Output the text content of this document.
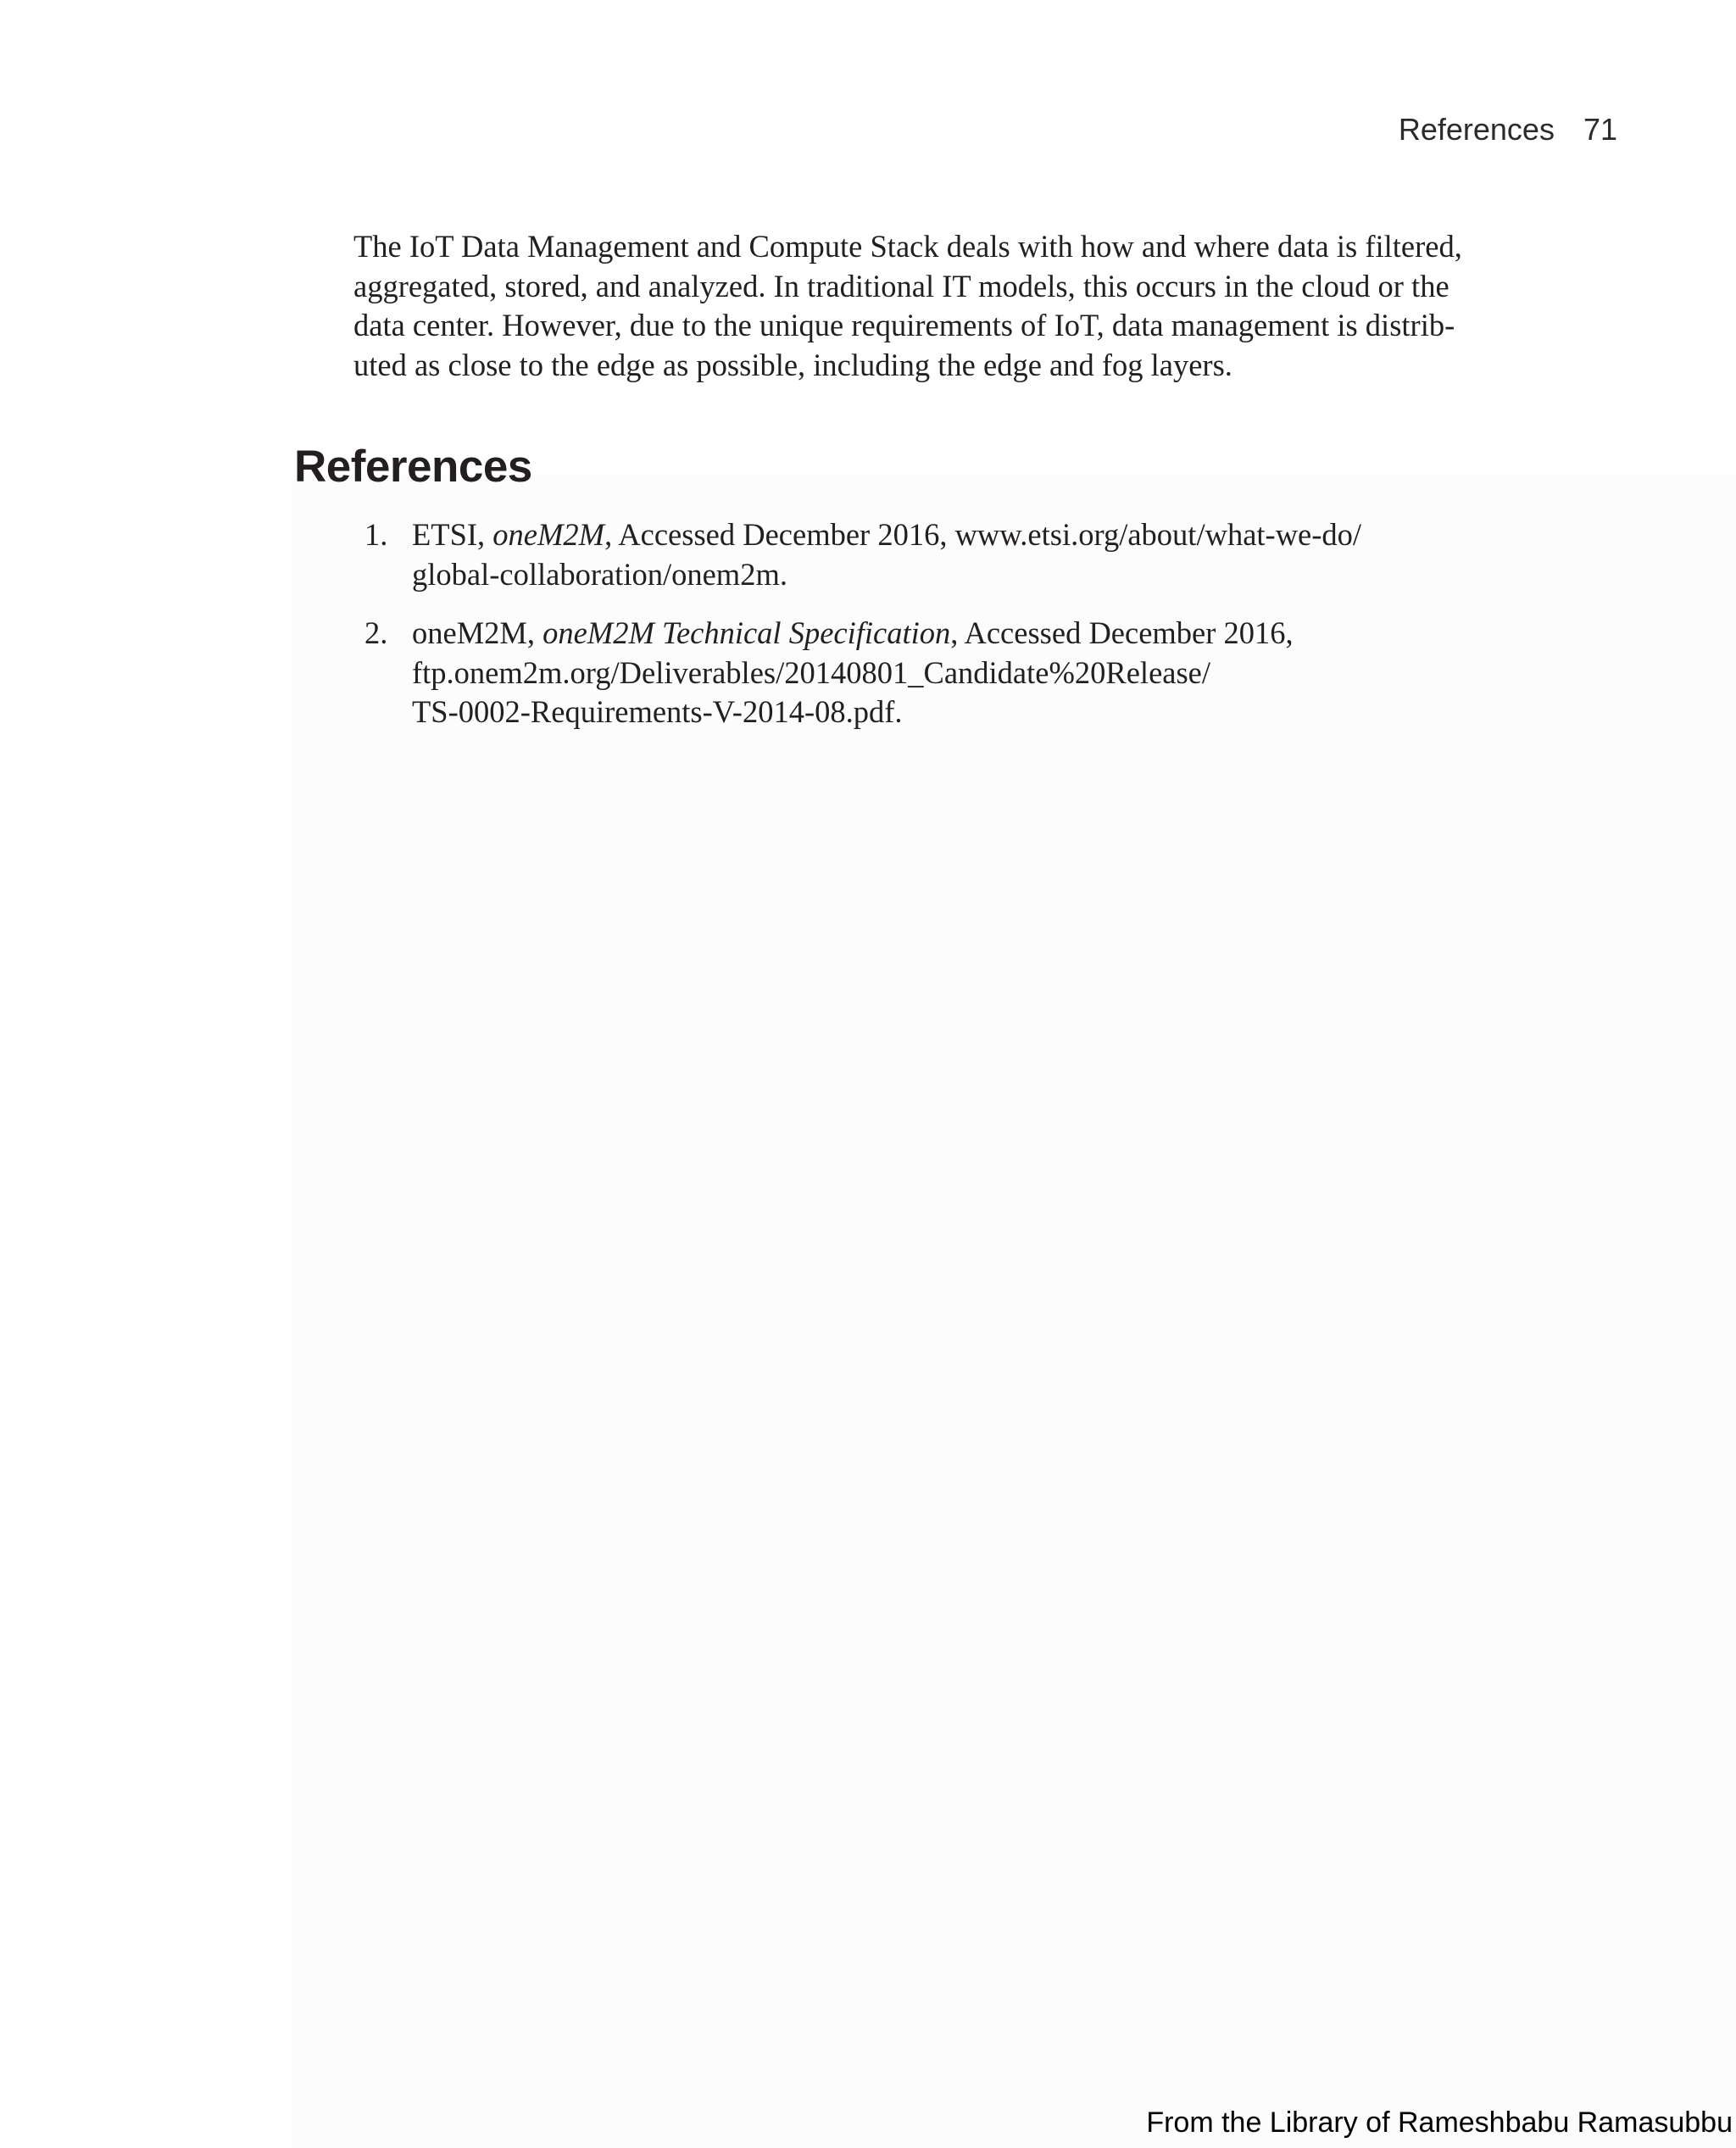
References 71

The IoT Data Management and Compute Stack deals with how and where data is filtered,
aggregated, stored, and analyzed. In traditional IT models, this occurs in the cloud or the
data center. However, due to the unique requirements of IoT, data management is distrib-
uted as close to the edge as possible, including the edge and fog layers.

References
1. ETSI, oneM2M, Accessed December 2016, www.etsi.org/about/what-we-do/
global-collaboration/onem2m.
2. oneM2M, oneM2M Technical Specification, Accessed December 2016,
ftp.onem2m.org/Deliverables/20140801_Candidate%20Release/
TS-0002-Requirements-V-2014-08.pdf.
From the Library of Rameshbabu Ramasubbu
